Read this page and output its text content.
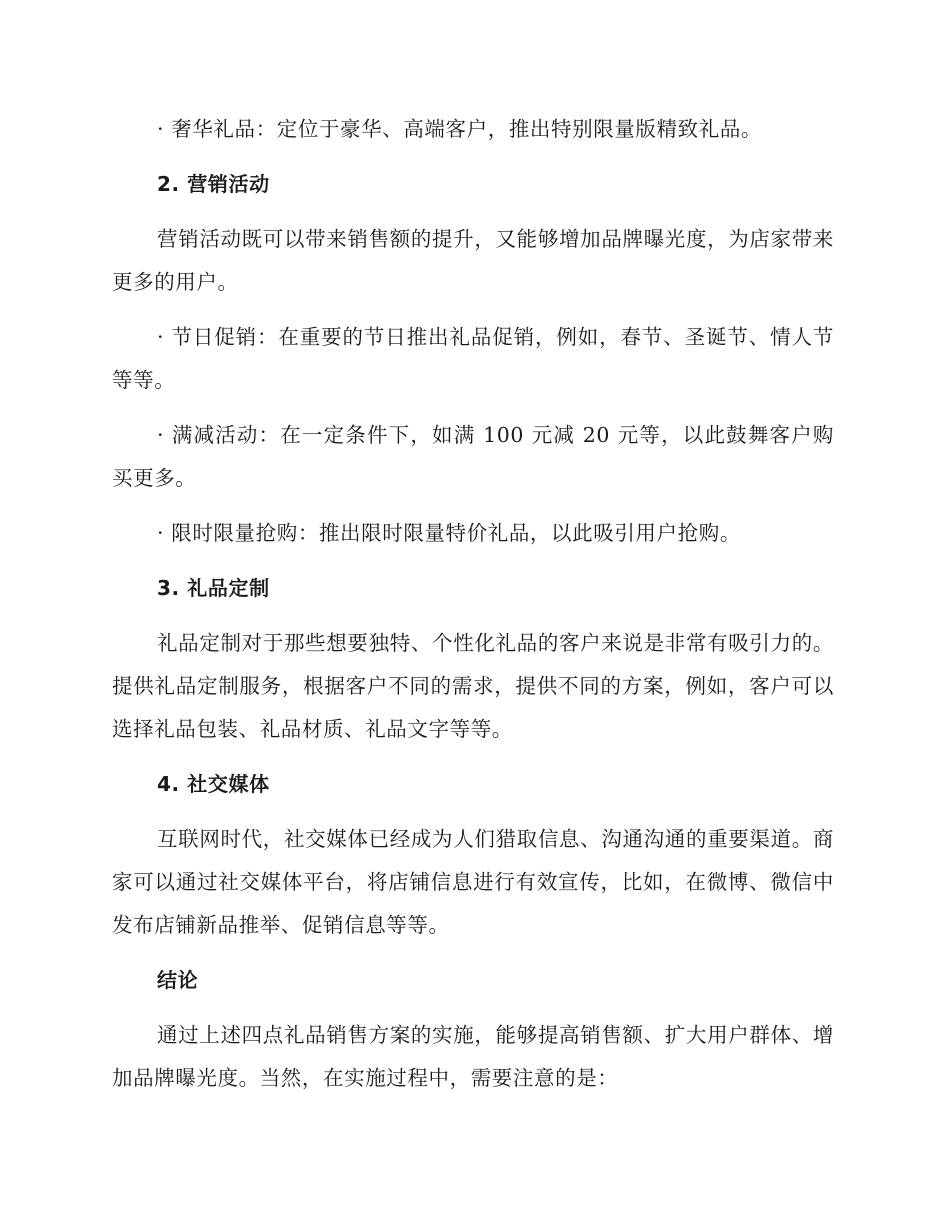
· 奢华礼品：定位于豪华、高端客户，推出特别限量版精致礼品。

2. 营销活动

营销活动既可以带来销售额的提升，又能够增加品牌曝光度，为店家带来更多的用户。

· 节日促销：在重要的节日推出礼品促销，例如，春节、圣诞节、情人节等等。

· 满减活动：在一定条件下，如满 100 元减 20 元等，以此鼓舞客户购买更多。

· 限时限量抢购：推出限时限量特价礼品，以此吸引用户抢购。

3. 礼品定制

礼品定制对于那些想要独特、个性化礼品的客户来说是非常有吸引力的。提供礼品定制服务，根据客户不同的需求，提供不同的方案，例如，客户可以选择礼品包装、礼品材质、礼品文字等等。

4. 社交媒体

互联网时代，社交媒体已经成为人们猎取信息、沟通沟通的重要渠道。商家可以通过社交媒体平台，将店铺信息进行有效宣传，比如，在微博、微信中发布店铺新品推举、促销信息等等。

结论

通过上述四点礼品销售方案的实施，能够提高销售额、扩大用户群体、增加品牌曝光度。当然，在实施过程中，需要注意的是：
